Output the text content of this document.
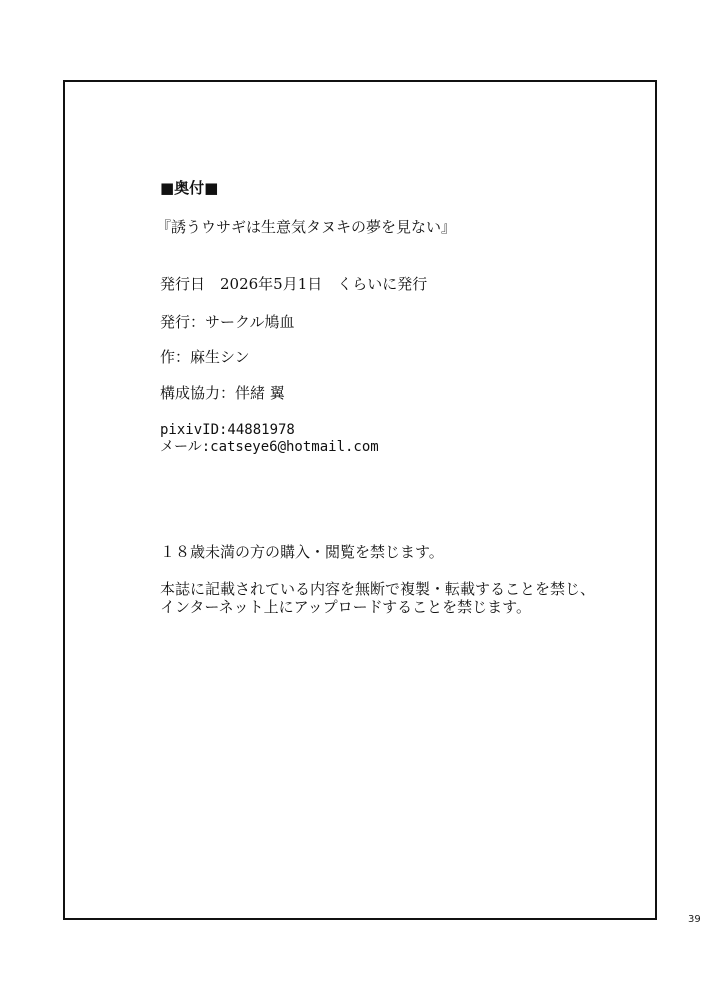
■奥付■
『誘うウサギは生意気タヌキの夢を見ない』
発行日　2026年5月1日　くらいに発行
発行：サークル鳩血
作：麻生シン
構成協力：伴緒 翼
pixivID:44881978
メール:catseye6@hotmail.com
１８歳未満の方の購入・閲覧を禁じます。
本誌に記載されている内容を無断で複製・転載することを禁じ、
インターネット上にアップロードすることを禁じます。
39
